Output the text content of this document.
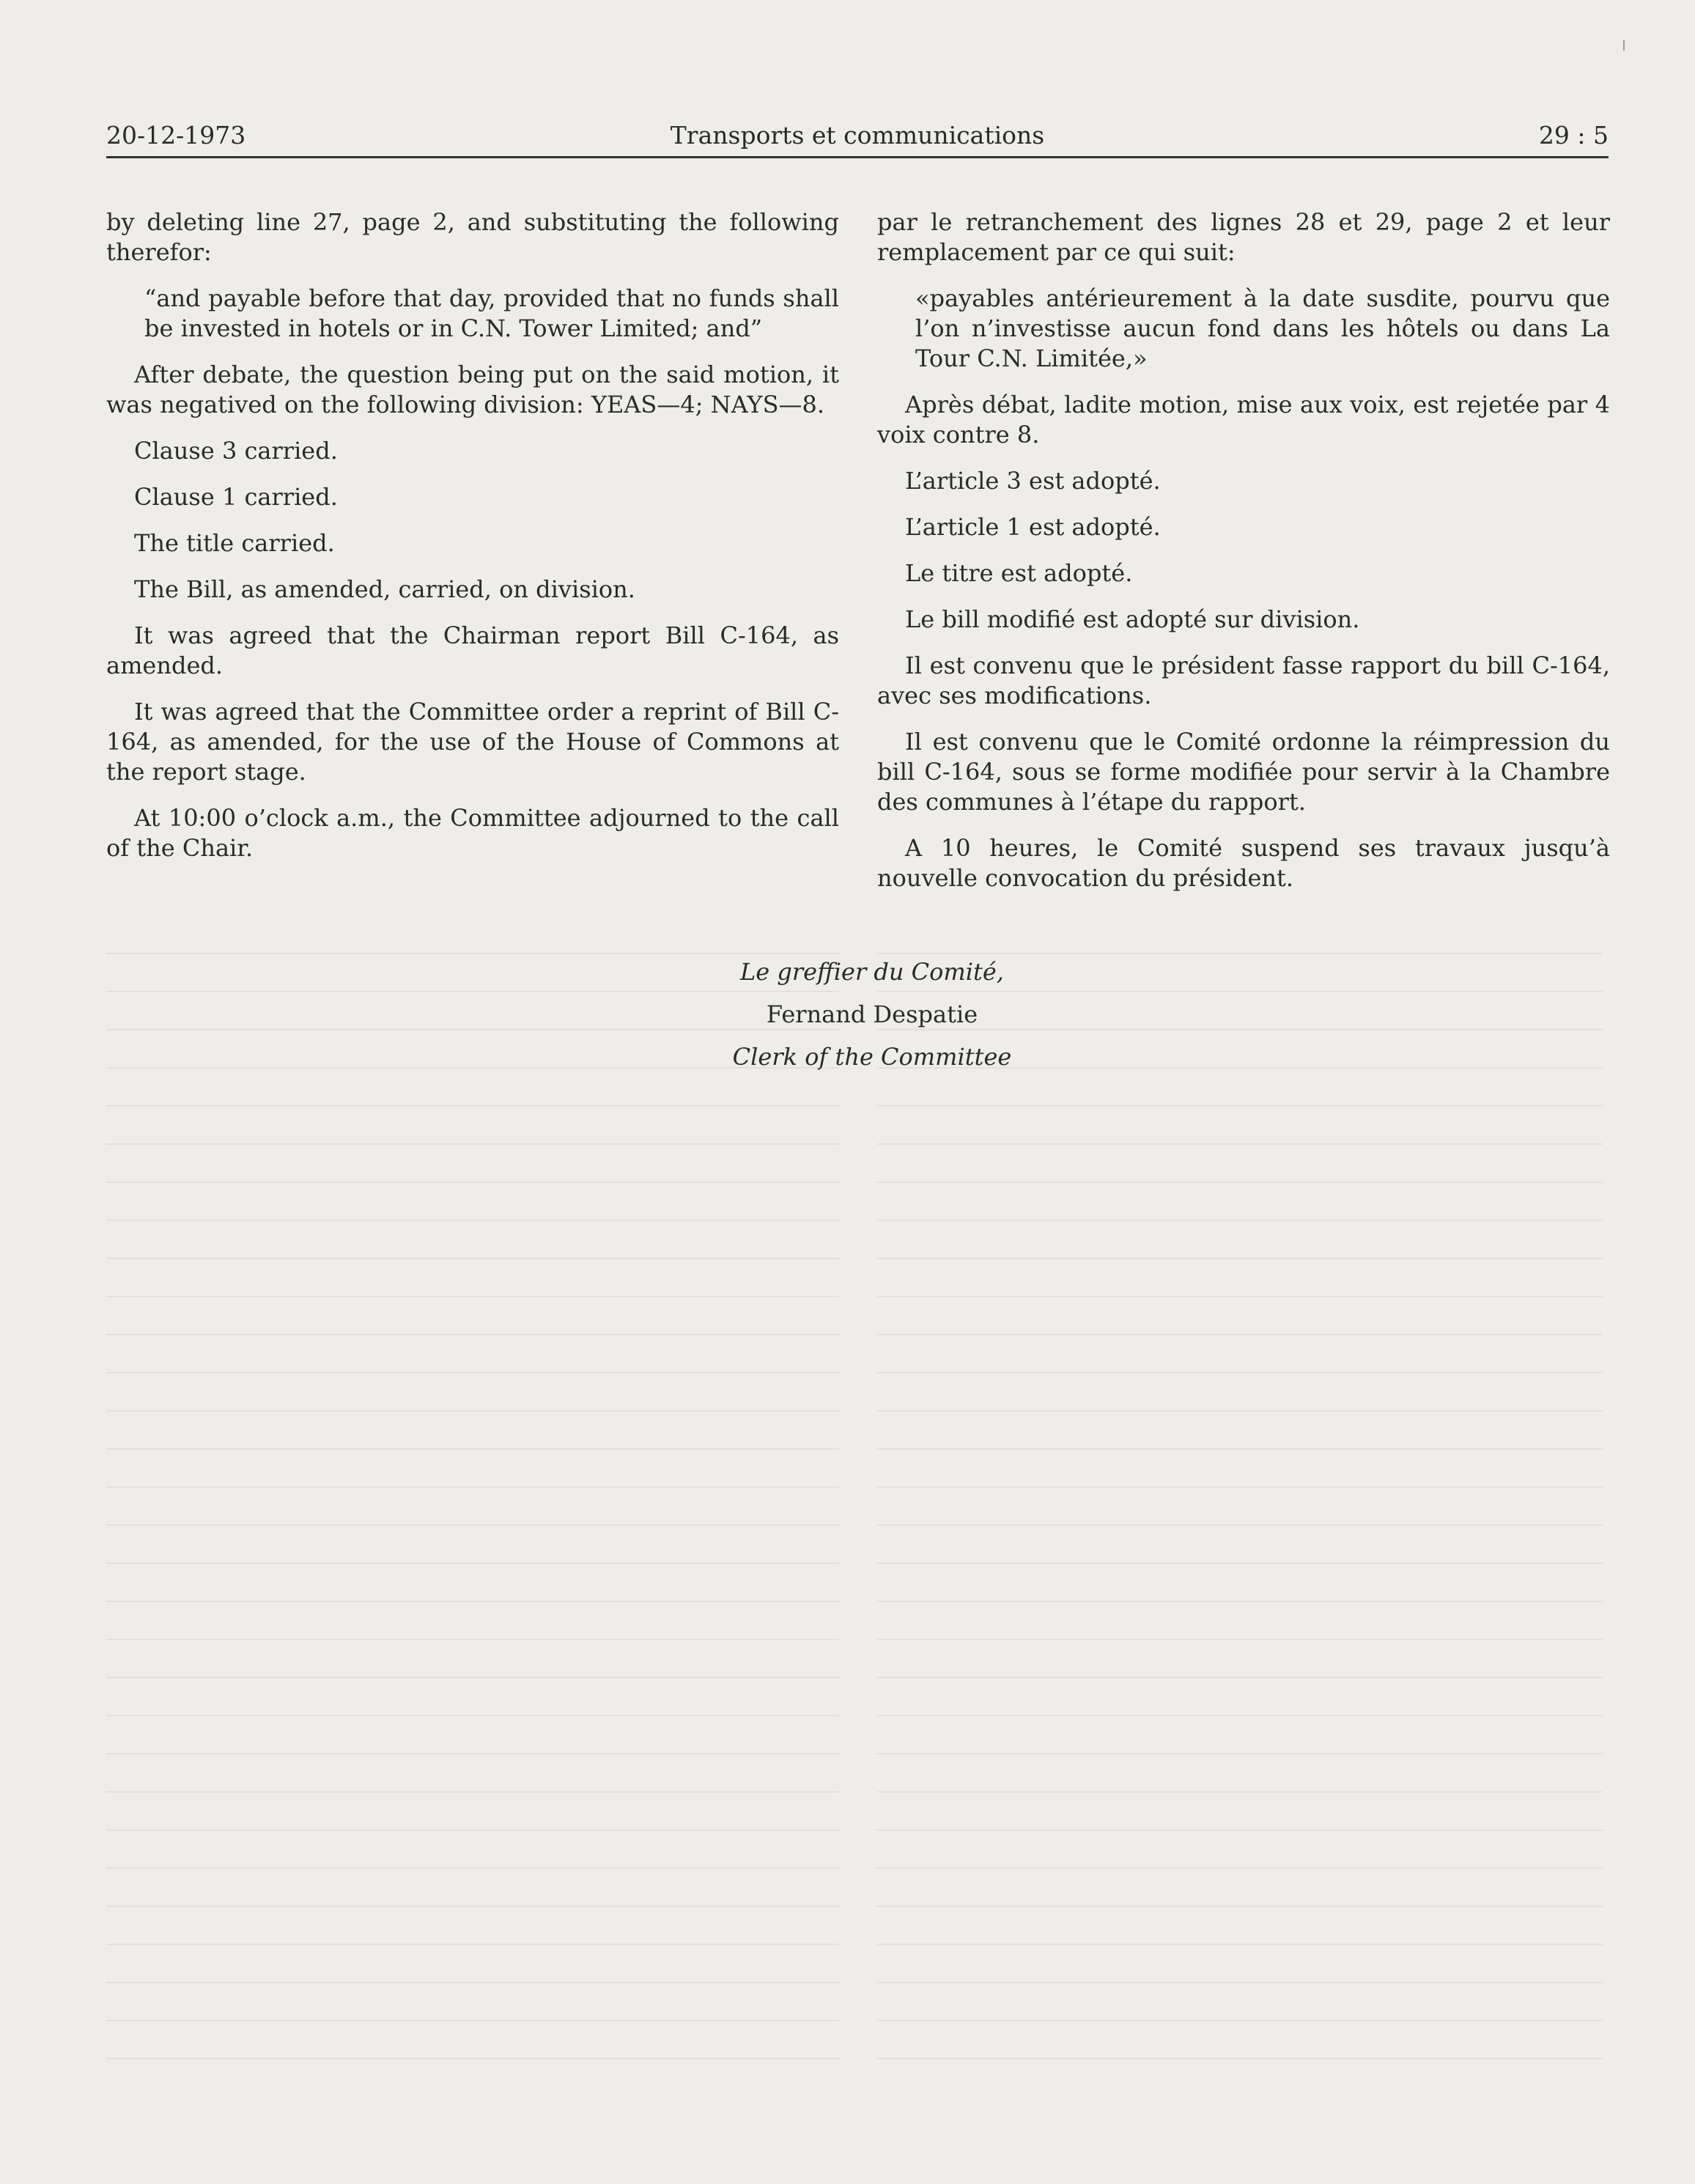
20-12-1973	Transports et communications	29 : 5

by deleting line 27, page 2, and substituting the following therefor:

“and payable before that day, provided that no funds shall be invested in hotels or in C.N. Tower Limited; and”

After debate, the question being put on the said motion, it was negatived on the following division: YEAS—4; NAYS—8.

Clause 3 carried.

Clause 1 carried.

The title carried.

The Bill, as amended, carried, on division.

It was agreed that the Chairman report Bill C-164, as amended.

It was agreed that the Committee order a reprint of Bill C-164, as amended, for the use of the House of Commons at the report stage.

At 10:00 o’clock a.m., the Committee adjourned to the call of the Chair.

par le retranchement des lignes 28 et 29, page 2 et leur remplacement par ce qui suit:

«payables antérieurement à la date susdite, pourvu que l’on n’investisse aucun fond dans les hôtels ou dans La Tour C.N. Limitée,»

Après débat, ladite motion, mise aux voix, est rejetée par 4 voix contre 8.

L’article 3 est adopté.

L’article 1 est adopté.

Le titre est adopté.

Le bill modifié est adopté sur division.

Il est convenu que le président fasse rapport du bill C-164, avec ses modifications.

Il est convenu que le Comité ordonne la réimpression du bill C-164, sous se forme modifiée pour servir à la Chambre des communes à l’étape du rapport.

A 10 heures, le Comité suspend ses travaux jusqu’à nouvelle convocation du président.

Le greffier du Comité,
Fernand Despatie
Clerk of the Committee
